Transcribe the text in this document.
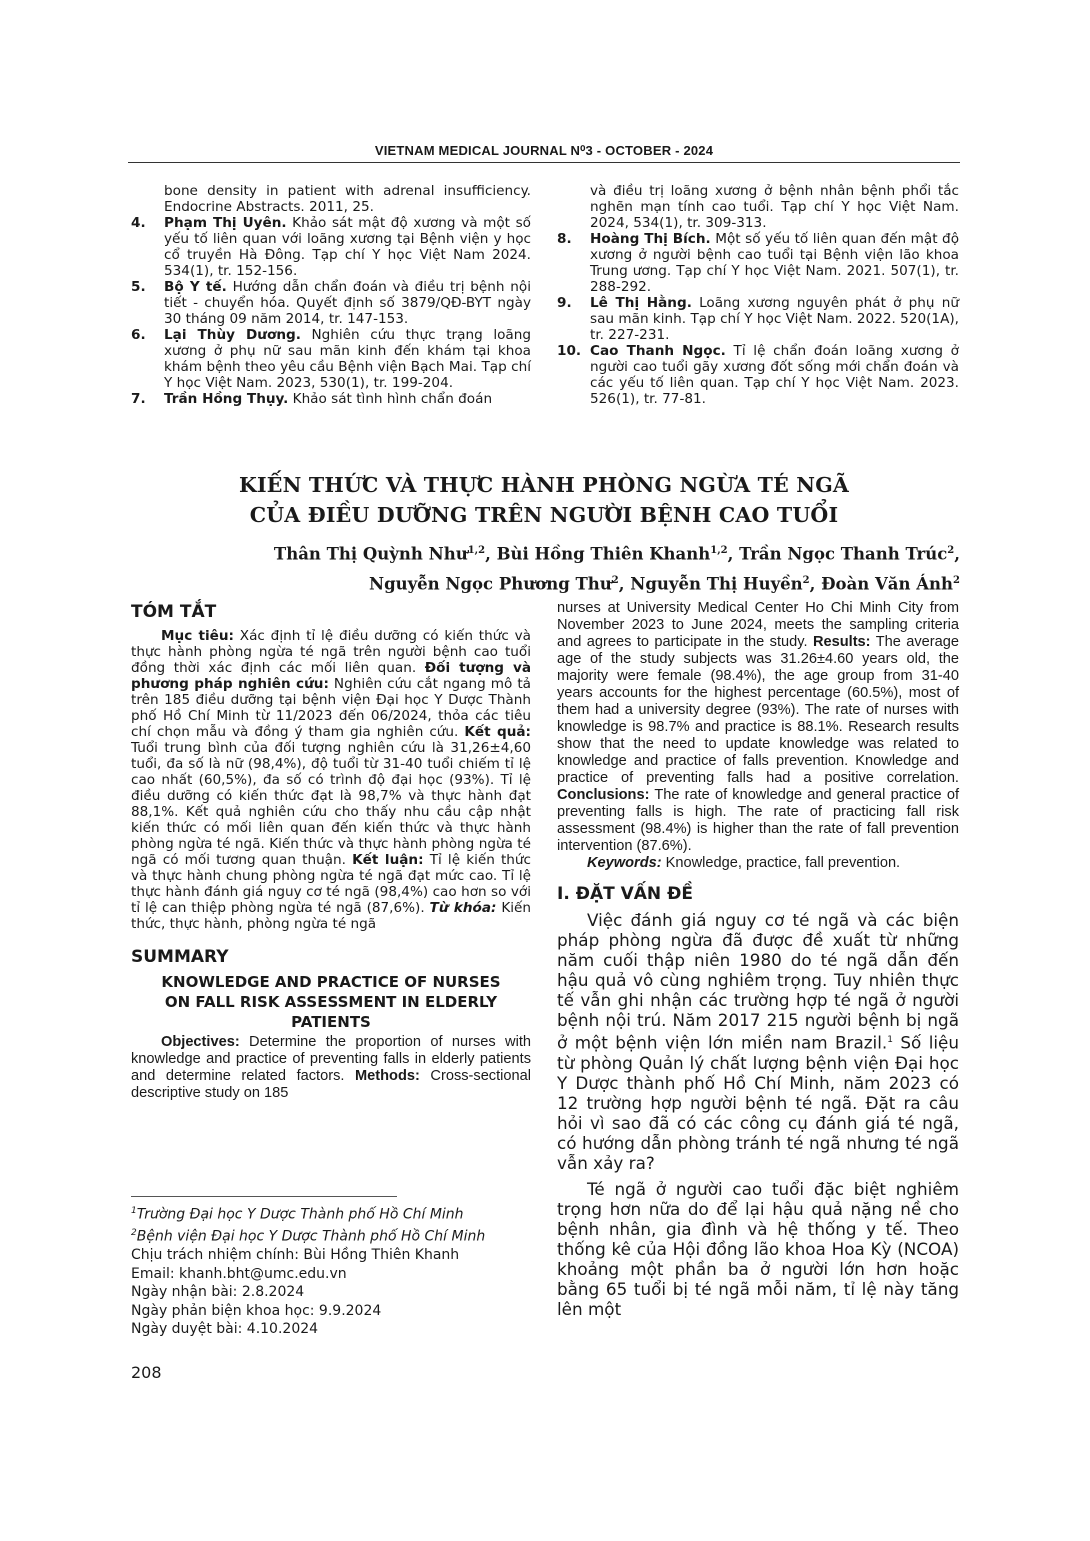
VIETNAM MEDICAL JOURNAL N⁰3 - OCTOBER - 2024
bone density in patient with adrenal insufficiency. Endocrine Abstracts. 2011, 25.
4.	Phạm Thị Uyên. Khảo sát mật độ xương và một số yếu tố liên quan với loãng xương tại Bệnh viện y học cổ truyền Hà Đông. Tạp chí Y học Việt Nam 2024. 534(1), tr. 152-156.
5.	Bộ Y tế. Hướng dẫn chẩn đoán và điều trị bệnh nội tiết - chuyển hóa. Quyết định số 3879/QĐ-BYT ngày 30 tháng 09 năm 2014, tr. 147-153.
6.	Lại Thùy Dương. Nghiên cứu thực trạng loãng xương ở phụ nữ sau mãn kinh đến khám tại khoa khám bệnh theo yêu cầu Bệnh viện Bạch Mai. Tạp chí Y học Việt Nam. 2023, 530(1), tr. 199-204.
7.	Trần Hồng Thụy. Khảo sát tình hình chẩn đoán
và điều trị loãng xương ở bệnh nhân bệnh phổi tắc nghẽn mạn tính cao tuổi. Tạp chí Y học Việt Nam. 2024, 534(1), tr. 309-313.
8.	Hoàng Thị Bích. Một số yếu tố liên quan đến mật độ xương ở người bệnh cao tuổi tại Bệnh viện lão khoa Trung ương. Tạp chí Y học Việt Nam. 2021. 507(1), tr. 288-292.
9.	Lê Thị Hằng. Loãng xương nguyên phát ở phụ nữ sau mãn kinh. Tạp chí Y học Việt Nam. 2022. 520(1A), tr. 227-231.
10. Cao Thanh Ngọc. Tỉ lệ chẩn đoán loãng xương ở người cao tuổi gãy xương đốt sống mới chẩn đoán và các yếu tố liên quan. Tạp chí Y học Việt Nam. 2023. 526(1), tr. 77-81.
KIẾN THỨC VÀ THỰC HÀNH PHÒNG NGỪA TÉ NGÃ
CỦA ĐIỀU DƯỠNG TRÊN NGƯỜI BỆNH CAO TUỔI
Thân Thị Quỳnh Như$^{1,2}$, Bùi Hồng Thiên Khanh$^{1,2}$, Trần Ngọc Thanh Trúc$^2$,
Nguyễn Ngọc Phương Thư$^2$, Nguyễn Thị Huyền$^2$, Đoàn Văn Ánh$^2$
TÓM TẮT

Mục tiêu: Xác định tỉ lệ điều dưỡng có kiến thức và thực hành phòng ngừa té ngã trên người bệnh cao tuổi đồng thời xác định các mối liên quan. Đối tượng và phương pháp nghiên cứu: Nghiên cứu cắt ngang mô tả trên 185 điều dưỡng tại bệnh viện Đại học Y Dược Thành phố Hồ Chí Minh từ 11/2023 đến 06/2024, thỏa các tiêu chí chọn mẫu và đồng ý tham gia nghiên cứu. Kết quả: Tuổi trung bình của đối tượng nghiên cứu là 31,26±4,60 tuổi, đa số là nữ (98,4%), độ tuổi từ 31-40 tuổi chiếm tỉ lệ cao nhất (60,5%), đa số có trình độ đại học (93%). Tỉ lệ điều dưỡng có kiến thức đạt là 98,7% và thực hành đạt 88,1%. Kết quả nghiên cứu cho thấy nhu cầu cập nhật kiến thức có mối liên quan đến kiến thức và thực hành phòng ngừa té ngã. Kiến thức và thực hành phòng ngừa té ngã có mối tương quan thuận. Kết luận: Tỉ lệ kiến thức và thực hành chung phòng ngừa té ngã đạt mức cao. Tỉ lệ thực hành đánh giá nguy cơ té ngã (98,4%) cao hơn so với tỉ lệ can thiệp phòng ngừa té ngã (87,6%). Từ khóa: Kiến thức, thực hành, phòng ngừa té ngã

SUMMARY
KNOWLEDGE AND PRACTICE OF NURSES ON FALL RISK ASSESSMENT IN ELDERLY PATIENTS

Objectives: Determine the proportion of nurses with knowledge and practice of preventing falls in elderly patients and determine related factors. Methods: Cross-sectional descriptive study on 185

$^1$Trường Đại học Y Dược Thành phố Hồ Chí Minh
$^2$Bệnh viện Đại học Y Dược Thành phố Hồ Chí Minh
Chịu trách nhiệm chính: Bùi Hồng Thiên Khanh
Email: khanh.bht@umc.edu.vn
Ngày nhận bài: 2.8.2024
Ngày phản biện khoa học: 9.9.2024
Ngày duyệt bài: 4.10.2024

nurses at University Medical Center Ho Chi Minh City from November 2023 to June 2024, meets the sampling criteria and agrees to participate in the study. Results: The average age of the study subjects was 31.26±4.60 years old, the majority were female (98.4%), the age group from 31-40 years accounts for the highest percentage (60.5%), most of them had a university degree (93%). The rate of nurses with knowledge is 98.7% and practice is 88.1%. Research results show that the need to update knowledge was related to knowledge and practice of falls prevention. Knowledge and practice of preventing falls had a positive correlation. Conclusions: The rate of knowledge and general practice of preventing falls is high. The rate of practicing fall risk assessment (98.4%) is higher than the rate of fall prevention intervention (87.6%).

Keywords: Knowledge, practice, fall prevention.

I. ĐẶT VẤN ĐỀ

Việc đánh giá nguy cơ té ngã và các biện pháp phòng ngừa đã được đề xuất từ những năm cuối thập niên 1980 do té ngã dẫn đến hậu quả vô cùng nghiêm trọng. Tuy nhiên thực tế vẫn ghi nhận các trường hợp té ngã ở người bệnh nội trú. Năm 2017 215 người bệnh bị ngã ở một bệnh viện lớn miền nam Brazil.$^1$ Số liệu từ phòng Quản lý chất lượng bệnh viện Đại học Y Dược thành phố Hồ Chí Minh, năm 2023 có 12 trường hợp người bệnh té ngã. Đặt ra câu hỏi vì sao đã có các công cụ đánh giá té ngã, có hướng dẫn phòng tránh té ngã nhưng té ngã vẫn xảy ra?

Té ngã ở người cao tuổi đặc biệt nghiêm trọng hơn nữa do để lại hậu quả nặng nề cho bệnh nhân, gia đình và hệ thống y tế. Theo thống kê của Hội đồng lão khoa Hoa Kỳ (NCOA) khoảng một phần ba ở người lớn hơn hoặc bằng 65 tuổi bị té ngã mỗi năm, tỉ lệ này tăng lên một

208
